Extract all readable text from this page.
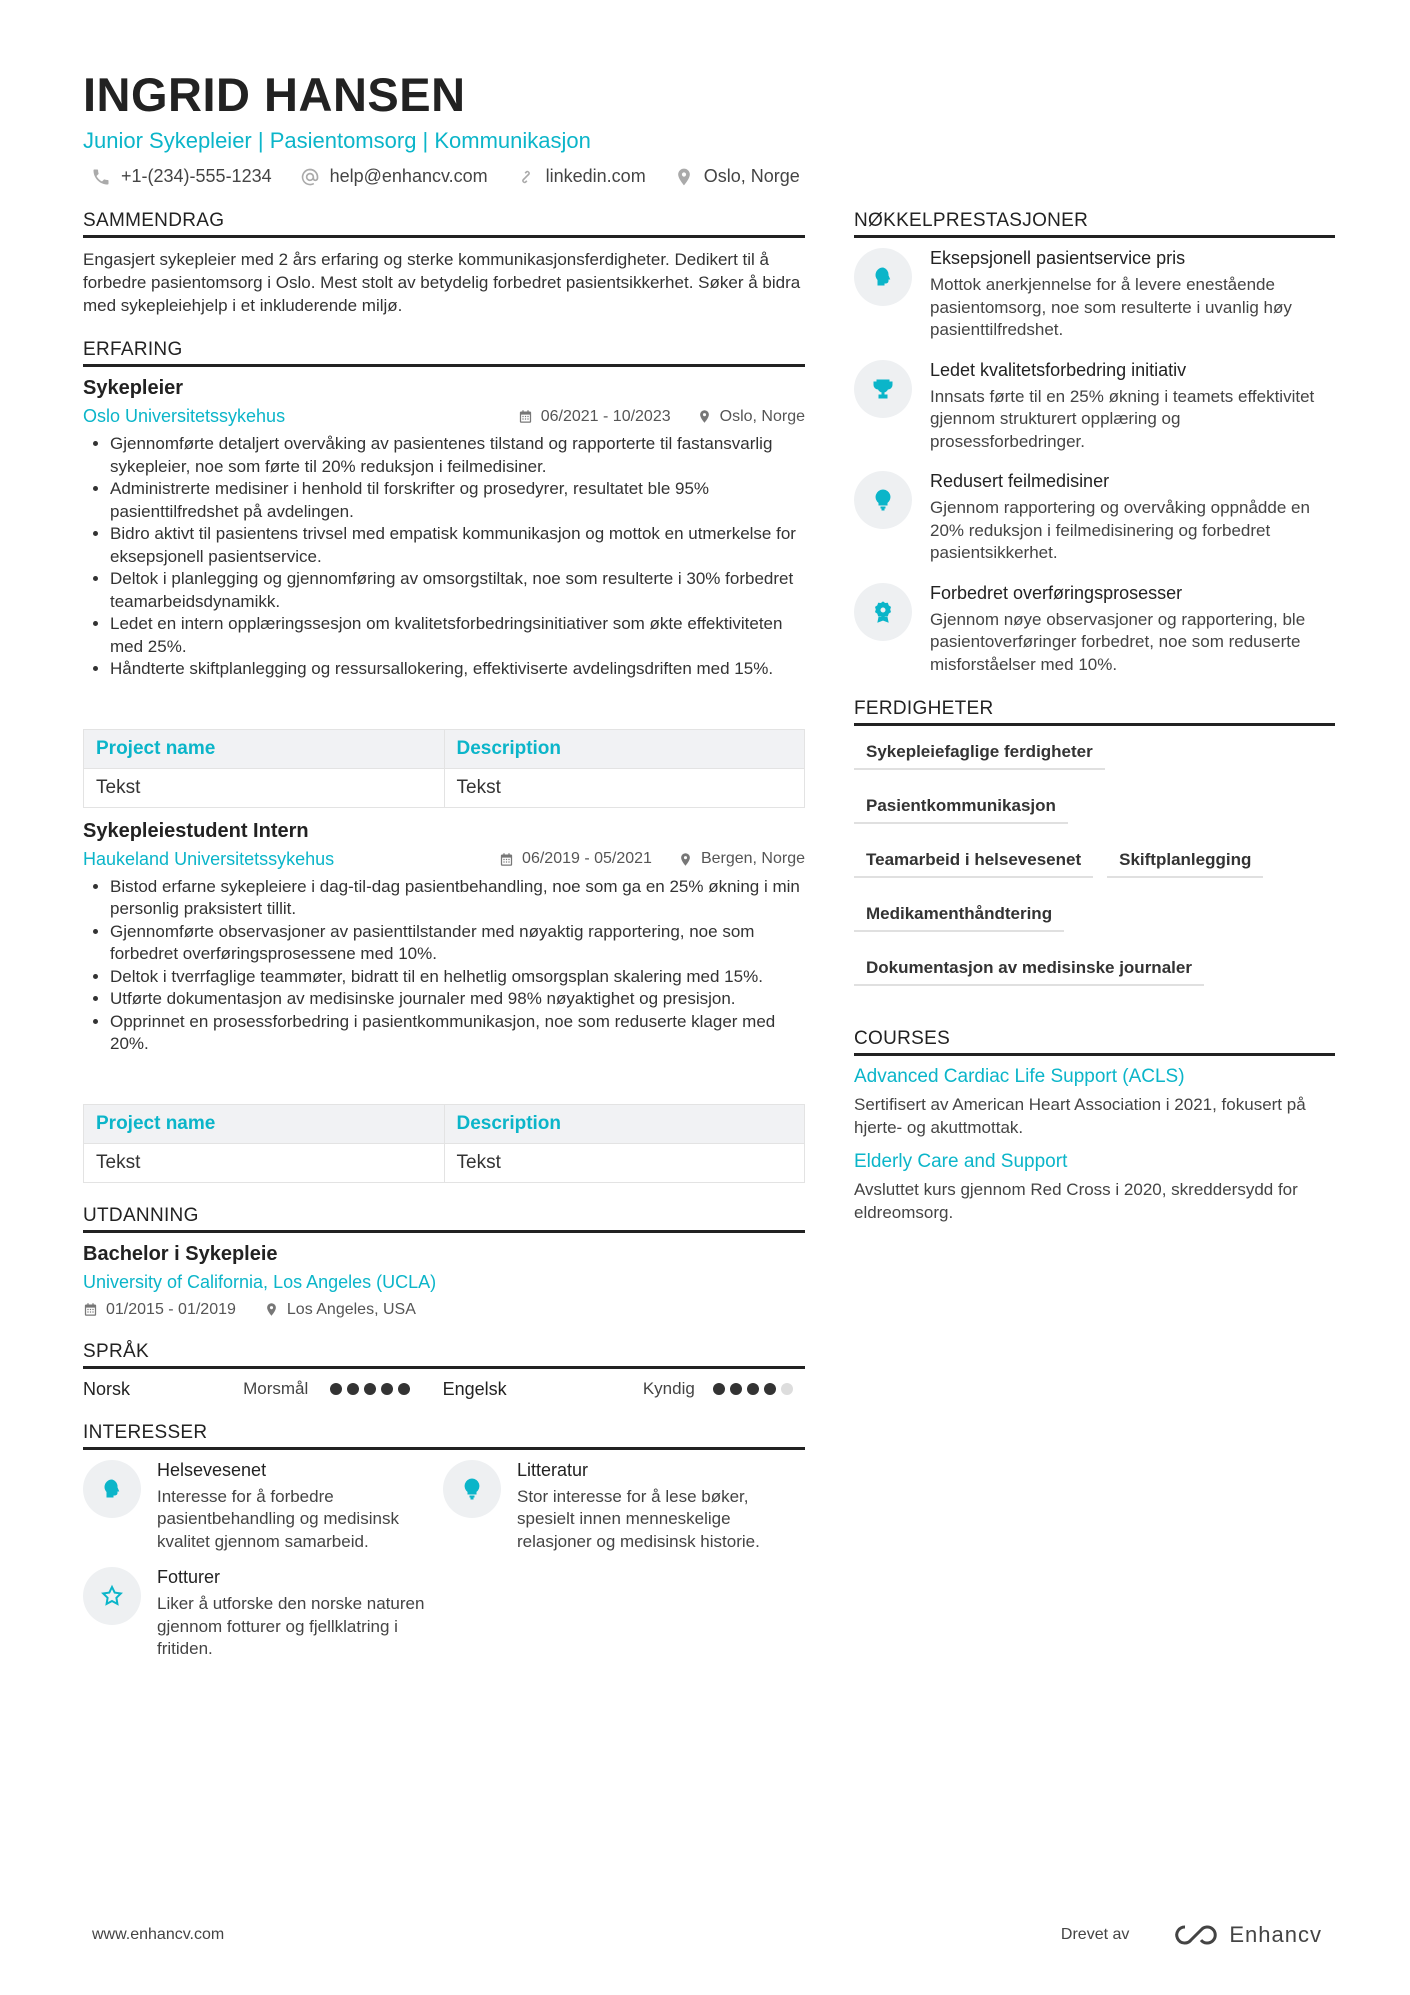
INGRID HANSEN
Junior Sykepleier | Pasientomsorg | Kommunikasjon
+1-(234)-555-1234	help@enhancv.com	linkedin.com	Oslo, Norge
SAMMENDRAG

Engasjert sykepleier med 2 års erfaring og sterke kommunikasjonsferdigheter. Dedikert til å forbedre pasientomsorg i Oslo. Mest stolt av betydelig forbedret pasientsikkerhet. Søker å bidra med sykepleiehjelp i et inkluderende miljø.

ERFARING
Sykepleier
Oslo Universitetssykehus	06/2021 - 10/2023	Oslo, Norge
• Gjennomførte detaljert overvåking av pasientenes tilstand og rapporterte til fastansvarlig sykepleier, noe som førte til 20% reduksjon i feilmedisiner.
• Administrerte medisiner i henhold til forskrifter og prosedyrer, resultatet ble 95% pasienttilfredshet på avdelingen.
• Bidro aktivt til pasientens trivsel med empatisk kommunikasjon og mottok en utmerkelse for eksepsjonell pasientservice.
• Deltok i planlegging og gjennomføring av omsorgstiltak, noe som resulterte i 30% forbedret teamarbeidsdynamikk.
• Ledet en intern opplæringssesjon om kvalitetsforbedringsinitiativer som økte effektiviteten med 25%.
• Håndterte skiftplanlegging og ressursallokering, effektiviserte avdelingsdriften med 15%.
Project name	Description
Tekst	Tekst
Sykepleiestudent Intern
Haukeland Universitetssykehus	06/2019 - 05/2021	Bergen, Norge
• Bistod erfarne sykepleiere i dag-til-dag pasientbehandling, noe som ga en 25% økning i min personlig praksistert tillit.
• Gjennomførte observasjoner av pasienttilstander med nøyaktig rapportering, noe som forbedret overføringsprosessene med 10%.
• Deltok i tverrfaglige teammøter, bidratt til en helhetlig omsorgsplan skalering med 15%.
• Utførte dokumentasjon av medisinske journaler med 98% nøyaktighet og presisjon.
• Opprinnet en prosessforbedring i pasientkommunikasjon, noe som reduserte klager med 20%.
Project name	Description
Tekst	Tekst
UTDANNING
Bachelor i Sykepleie
University of California, Los Angeles (UCLA)
01/2015 - 01/2019	Los Angeles, USA
SPRÅK
Norsk	Morsmål	Engelsk	Kyndig
INTERESSER

Helsevesenet

Interesse for å forbedre pasientbehandling og medisinsk kvalitet gjennom samarbeid.

Litteratur

Stor interesse for å lese bøker, spesielt innen menneskelige relasjoner og medisinsk historie.

Fotturer

Liker å utforske den norske naturen gjennom fotturer og fjellklatring i fritiden.

NØKKELPRESTASJONER

Eksepsjonell pasientservice pris

Mottok anerkjennelse for å levere enestående pasientomsorg, noe som resulterte i uvanlig høy pasienttilfredshet.

Ledet kvalitetsforbedring initiativ

Innsats førte til en 25% økning i teamets effektivitet gjennom strukturert opplæring og prosessforbedringer.

Redusert feilmedisiner

Gjennom rapportering og overvåking oppnådde en 20% reduksjon i feilmedisinering og forbedret pasientsikkerhet.

Forbedret overføringsprosesser

Gjennom nøye observasjoner og rapportering, ble pasientoverføringer forbedret, noe som reduserte misforståelser med 10%.

FERDIGHETER
Sykepleiefaglige ferdigheter
Pasientkommunikasjon
Teamarbeid i helsevesenet	Skiftplanlegging
Medikamenthåndtering
Dokumentasjon av medisinske journaler
COURSES

Advanced Cardiac Life Support (ACLS)

Sertifisert av American Heart Association i 2021, fokusert på hjerte- og akuttmottak.

Elderly Care and Support

Avsluttet kurs gjennom Red Cross i 2020, skreddersydd for eldreomsorg.

www.enhancv.com	Drevet av	Enhancv
